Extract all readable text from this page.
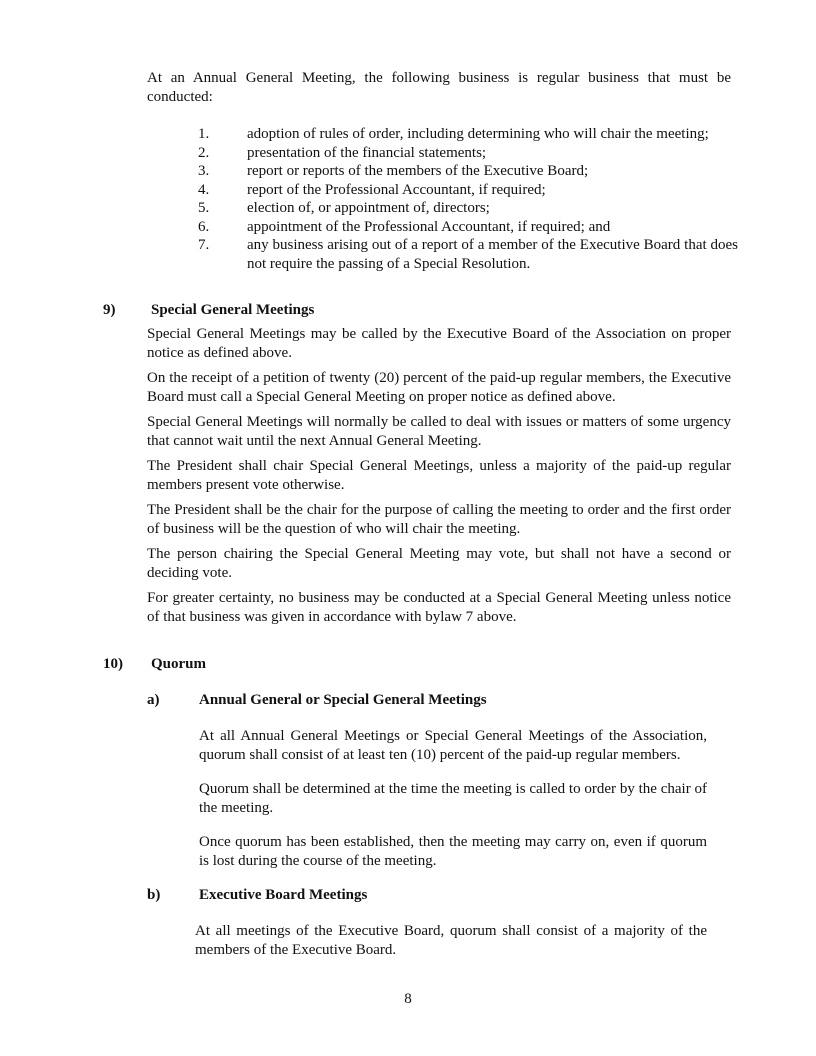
At an Annual General Meeting, the following business is regular business that must be conducted:

1.	adoption of rules of order, including determining who will chair the meeting;
2.	presentation of the financial statements;
3.	report or reports of the members of the Executive Board;
4.	report of the Professional Accountant, if required;
5.	election of, or appointment of, directors;
6.	appointment of the Professional Accountant, if required; and
7.	any business arising out of a report of a member of the Executive Board that does not require the passing of a Special Resolution.
9) Special General Meetings

Special General Meetings may be called by the Executive Board of the Association on proper notice as defined above.

On the receipt of a petition of twenty (20) percent of the paid-up regular members, the Executive Board must call a Special General Meeting on proper notice as defined above.

Special General Meetings will normally be called to deal with issues or matters of some urgency that cannot wait until the next Annual General Meeting.

The President shall chair Special General Meetings, unless a majority of the paid-up regular members present vote otherwise.

The President shall be the chair for the purpose of calling the meeting to order and the first order of business will be the question of who will chair the meeting.

The person chairing the Special General Meeting may vote, but shall not have a second or deciding vote.

For greater certainty, no business may be conducted at a Special General Meeting unless notice of that business was given in accordance with bylaw 7 above.

10) Quorum
a)	Annual General or Special General Meetings

At all Annual General Meetings or Special General Meetings of the Association, quorum shall consist of at least ten (10) percent of the paid-up regular members.

Quorum shall be determined at the time the meeting is called to order by the chair of the meeting.

Once quorum has been established, then the meeting may carry on, even if quorum is lost during the course of the meeting.

b)	Executive Board Meetings

At all meetings of the Executive Board, quorum shall consist of a majority of the members of the Executive Board.

8
